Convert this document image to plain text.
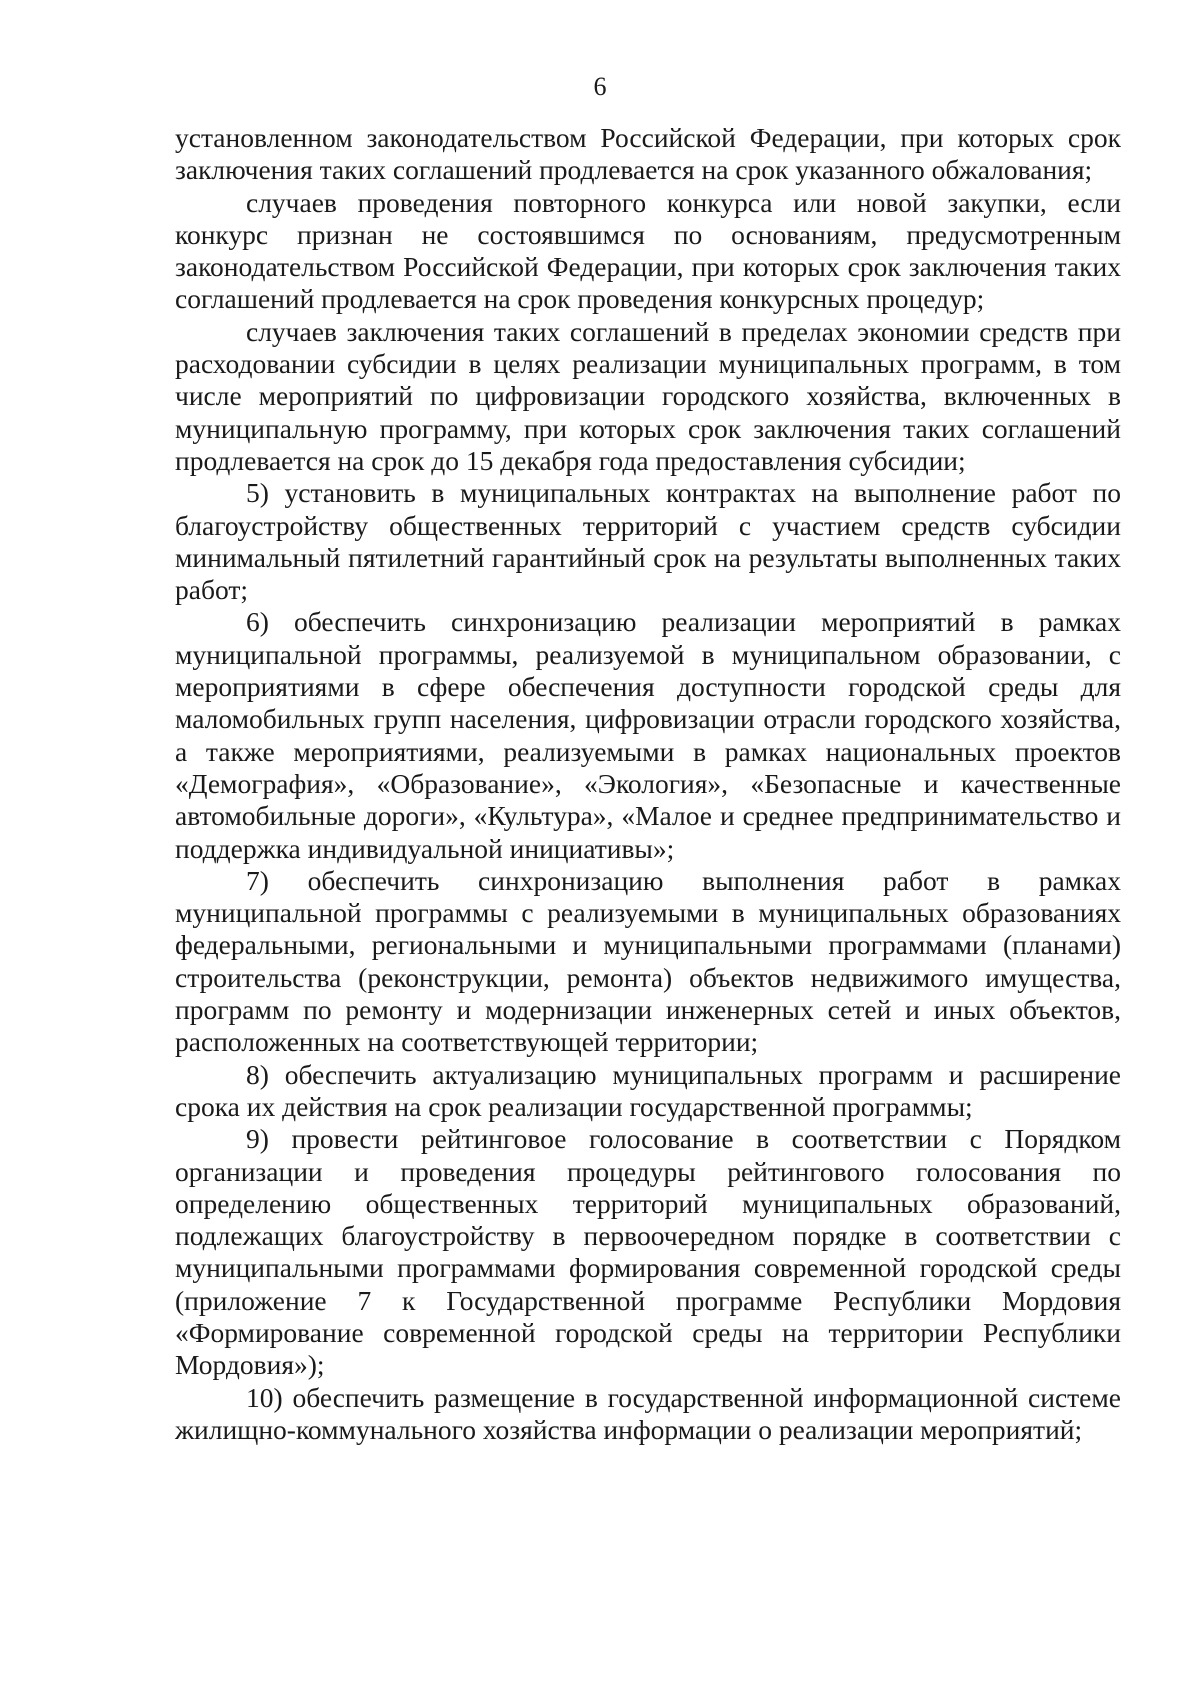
6

установленном законодательством Российской Федерации, при которых срок заключения таких соглашений продлевается на срок указанного обжалования;

случаев проведения повторного конкурса или новой закупки, если конкурс признан не состоявшимся по основаниям, предусмотренным законодательством Российской Федерации, при которых срок заключения таких соглашений продлевается на срок проведения конкурсных процедур;

случаев заключения таких соглашений в пределах экономии средств при расходовании субсидии в целях реализации муниципальных программ, в том числе мероприятий по цифровизации городского хозяйства, включенных в муниципальную программу, при которых срок заключения таких соглашений продлевается на срок до 15 декабря года предоставления субсидии;

5) установить в муниципальных контрактах на выполнение работ по благоустройству общественных территорий с участием средств субсидии минимальный пятилетний гарантийный срок на результаты выполненных таких работ;

6) обеспечить синхронизацию реализации мероприятий в рамках муниципальной программы, реализуемой в муниципальном образовании, с мероприятиями в сфере обеспечения доступности городской среды для маломобильных групп населения, цифровизации отрасли городского хозяйства, а также мероприятиями, реализуемыми в рамках национальных проектов «Демография», «Образование», «Экология», «Безопасные и качественные автомобильные дороги», «Культура», «Малое и среднее предпринимательство и поддержка индивидуальной инициативы»;

7) обеспечить синхронизацию выполнения работ в рамках муниципальной программы с реализуемыми в муниципальных образованиях федеральными, региональными и муниципальными программами (планами) строительства (реконструкции, ремонта) объектов недвижимого имущества, программ по ремонту и модернизации инженерных сетей и иных объектов, расположенных на соответствующей территории;

8) обеспечить актуализацию муниципальных программ и расширение срока их действия на срок реализации государственной программы;

9) провести рейтинговое голосование в соответствии с Порядком организации и проведения процедуры рейтингового голосования по определению общественных территорий муниципальных образований, подлежащих благоустройству в первоочередном порядке в соответствии с муниципальными программами формирования современной городской среды (приложение 7 к Государственной программе Республики Мордовия «Формирование современной городской среды на территории Республики Мордовия»);

10) обеспечить размещение в государственной информационной системе жилищно-коммунального хозяйства информации о реализации мероприятий;
